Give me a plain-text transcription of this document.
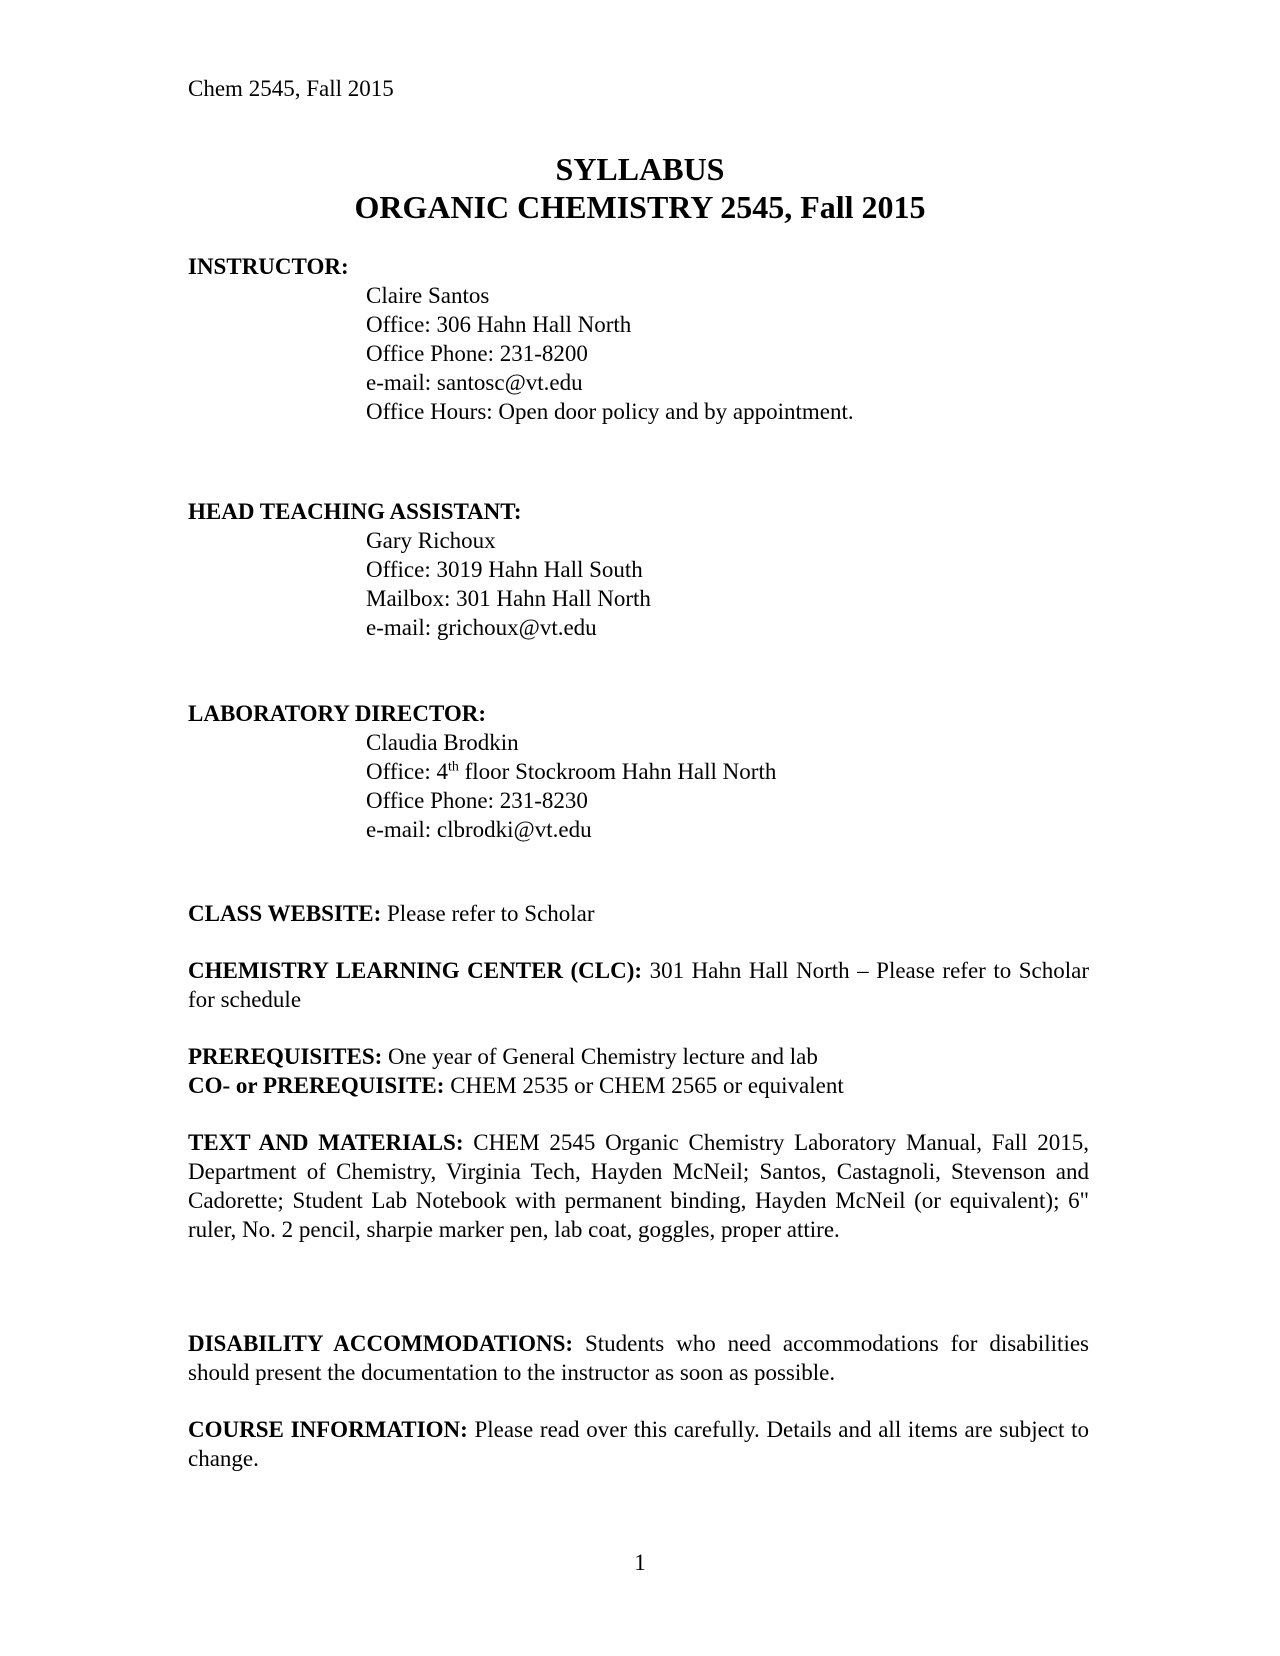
Chem 2545, Fall 2015
SYLLABUS
ORGANIC CHEMISTRY 2545, Fall 2015
INSTRUCTOR:
Claire Santos
Office: 306 Hahn Hall North
Office Phone: 231-8200
e-mail: santosc@vt.edu
Office Hours: Open door policy and by appointment.
HEAD TEACHING ASSISTANT:
Gary Richoux
Office: 3019 Hahn Hall South
Mailbox: 301 Hahn Hall North
e-mail: grichoux@vt.edu
LABORATORY DIRECTOR:
Claudia Brodkin
Office: 4th floor Stockroom Hahn Hall North
Office Phone: 231-8230
e-mail: clbrodki@vt.edu
CLASS WEBSITE: Please refer to Scholar
CHEMISTRY LEARNING CENTER (CLC): 301 Hahn Hall North – Please refer to Scholar for schedule
PREREQUISITES: One year of General Chemistry lecture and lab
CO- or PREREQUISITE: CHEM 2535 or CHEM 2565 or equivalent
TEXT AND MATERIALS: CHEM 2545 Organic Chemistry Laboratory Manual, Fall 2015, Department of Chemistry, Virginia Tech, Hayden McNeil; Santos, Castagnoli, Stevenson and Cadorette; Student Lab Notebook with permanent binding, Hayden McNeil (or equivalent); 6" ruler, No. 2 pencil, sharpie marker pen, lab coat, goggles, proper attire.
DISABILITY ACCOMMODATIONS: Students who need accommodations for disabilities should present the documentation to the instructor as soon as possible.
COURSE INFORMATION: Please read over this carefully. Details and all items are subject to change.
1
